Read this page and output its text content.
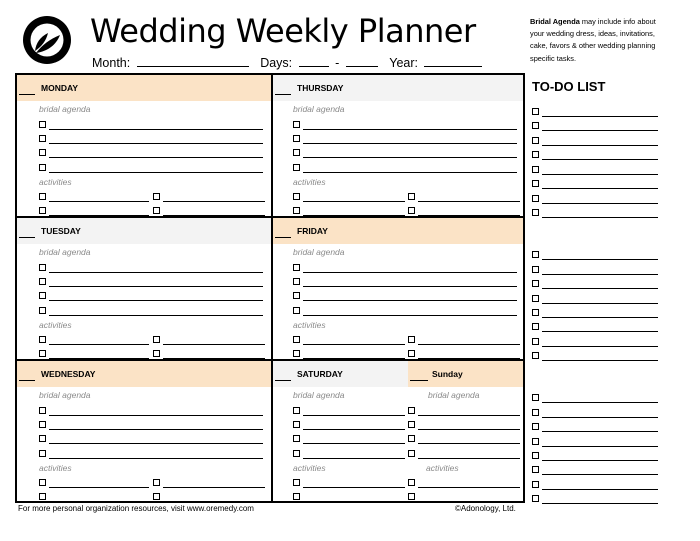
Wedding Weekly Planner
Month:	Days:	-	Year:
Bridal Agenda may include info about your wedding dress, ideas, invitations, cake, favors & other wedding planning specific tasks.
MONDAY	THURSDAY
TUESDAY	FRIDAY
WEDNESDAY	SATURDAY	Sunday
bridal agenda
activities
bridal agenda
activities
bridal agenda
activities
bridal agenda
activities
bridal agenda
activities
bridal agenda	bridal agenda
activities	activities
TO-DO LIST
For more personal organization resources, visit www.oremedy.com	©Adonology, Ltd.
